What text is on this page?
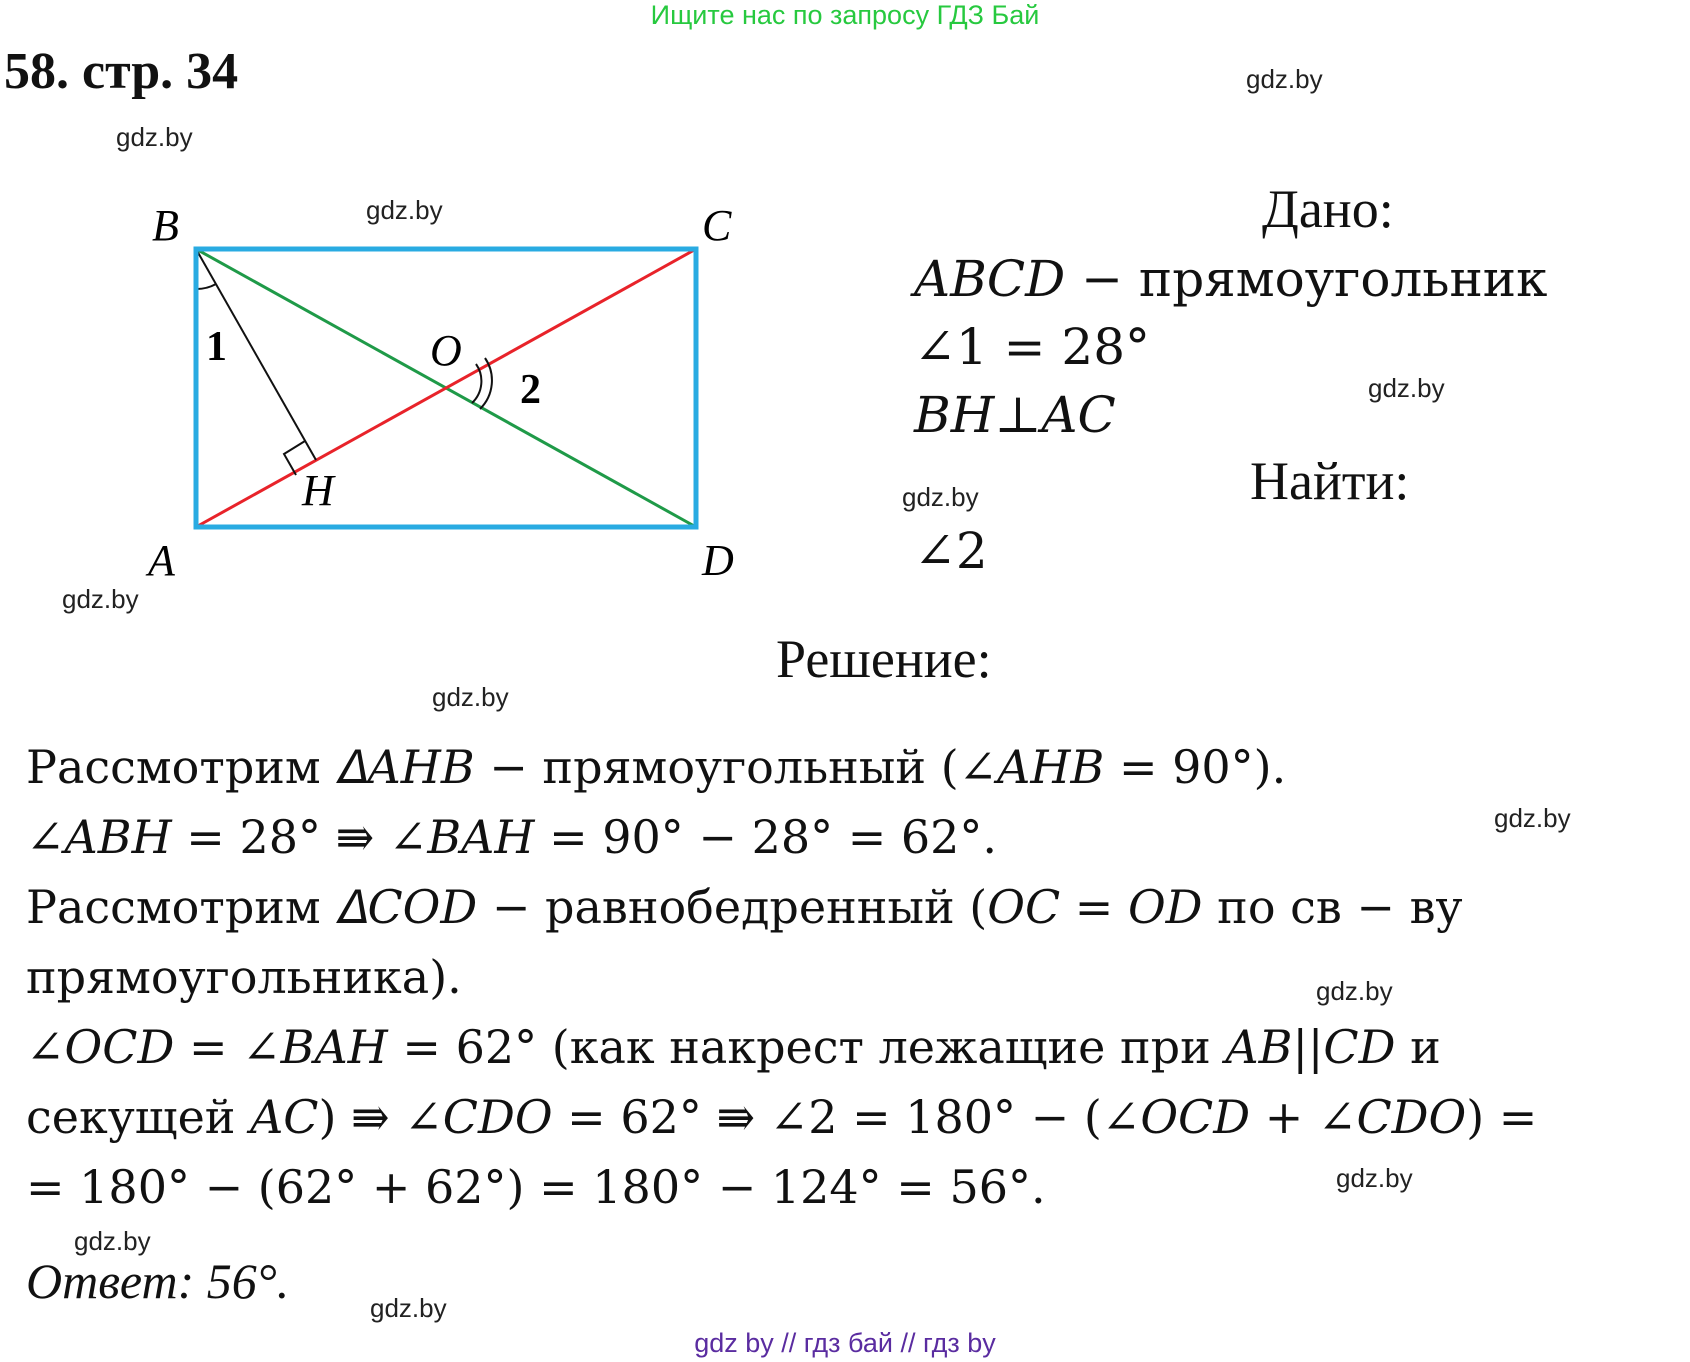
Ищите нас по запросу ГДЗ Бай
58. стр. 34	gdz.by
gdz.by
gdz.by
gdz.by
gdz.by
gdz.by
gdz.by
gdz.by
gdz.by
gdz.by
gdz.by
gdz.by
B	C
A	D
O
H
1
2
Дано:
𝐴𝐵𝐶𝐷 − прямоугольник
∠1 = 28°
𝐵𝐻⊥𝐴𝐶
Найти:
∠2
Решение:
Рассмотрим 𝛥𝐴𝐻𝐵 − прямоугольный (∠𝐴𝐻𝐵 = 90°).
∠𝐴𝐵𝐻 = 28° ⇛ ∠𝐵𝐴𝐻 = 90° − 28° = 62°.
Рассмотрим 𝛥𝐶𝑂𝐷 − равнобедренный (𝑂𝐶 = 𝑂𝐷 по св − ву
прямоугольника).
∠𝑂𝐶𝐷 = ∠𝐵𝐴𝐻 = 62° (как накрест лежащие при 𝐴𝐵||𝐶𝐷 и
секущей 𝐴𝐶) ⇛ ∠𝐶𝐷𝑂 = 62° ⇛ ∠2 = 180° − (∠𝑂𝐶𝐷 + ∠𝐶𝐷𝑂) =
= 180° − (62° + 62°) = 180° − 124° = 56°.
Ответ: 56°.
gdz by // гдз бай // гдз by
